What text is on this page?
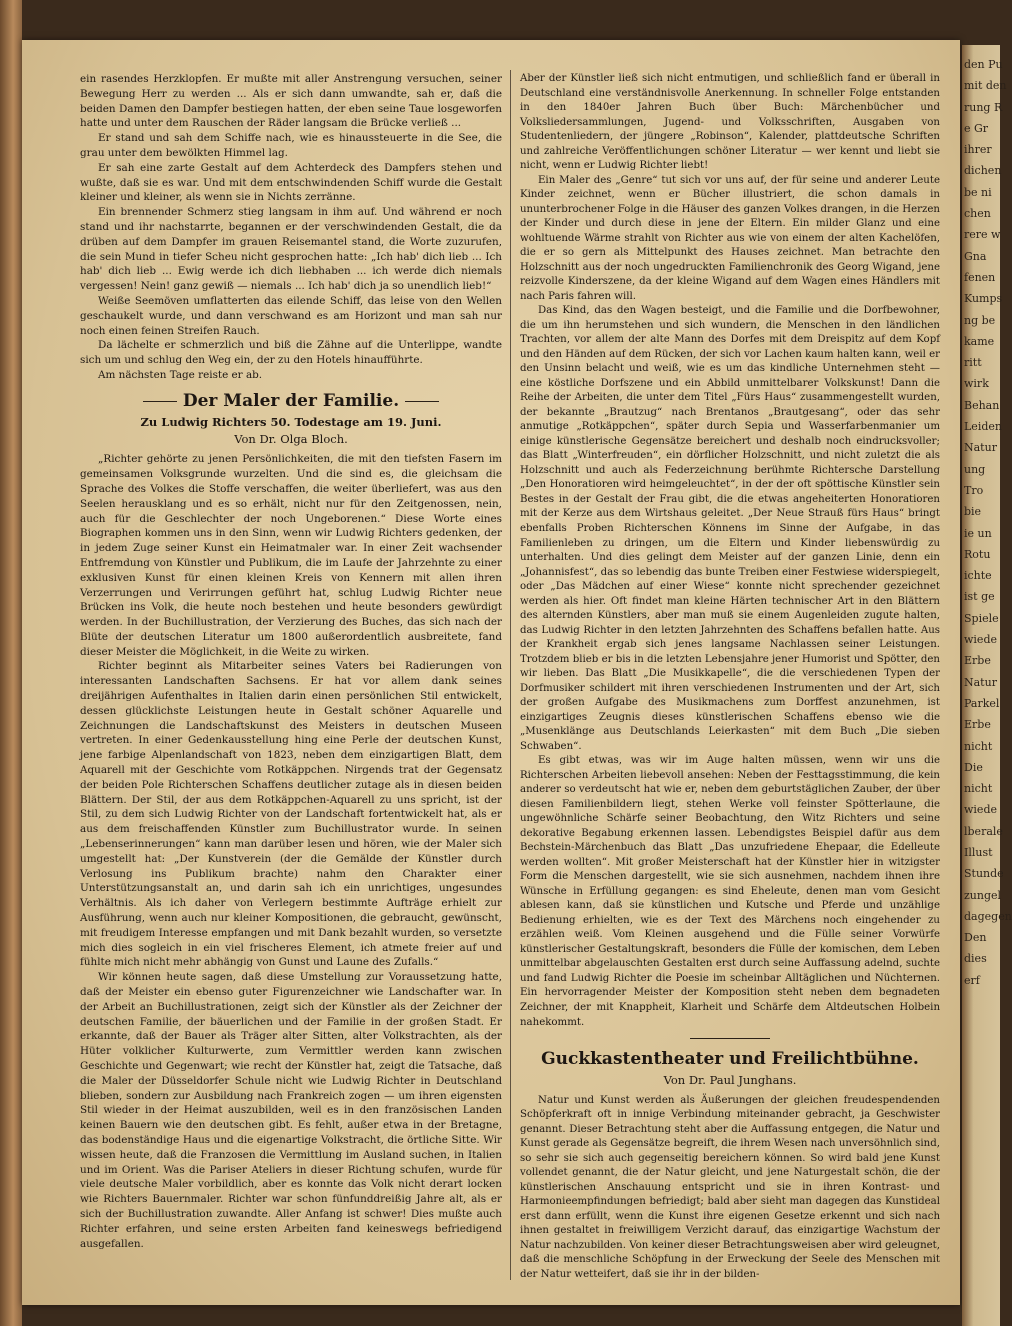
ein rasendes Herzklopfen. Er mußte mit aller Anstrengung versuchen, seiner Bewegung Herr zu werden ... Als er sich dann umwandte, sah er, daß die beiden Damen den Dampfer bestiegen hatten, der eben seine Taue losgeworfen hatte und unter dem Rauschen der Räder langsam die Brücke verließ ...

Er stand und sah dem Schiffe nach, wie es hinaussteuerte in die See, die grau unter dem bewölkten Himmel lag.

Er sah eine zarte Gestalt auf dem Achterdeck des Dampfers stehen und wußte, daß sie es war. Und mit dem entschwindenden Schiff wurde die Gestalt kleiner und kleiner, als wenn sie in Nichts zerränne.

Ein brennender Schmerz stieg langsam in ihm auf. Und während er noch stand und ihr nachstarrte, begannen er der verschwindenden Gestalt, die da drüben auf dem Dampfer im grauen Reisemantel stand, die Worte zuzurufen, die sein Mund in tiefer Scheu nicht gesprochen hatte: „Ich hab' dich lieb ... Ich hab' dich lieb ... Ewig werde ich dich liebhaben ... ich werde dich niemals vergessen! Nein! ganz gewiß — niemals ... Ich hab' dich ja so unendlich lieb!“

Weiße Seemöven umflatterten das eilende Schiff, das leise von den Wellen geschaukelt wurde, und dann verschwand es am Horizont und man sah nur noch einen feinen Streifen Rauch.

Da lächelte er schmerzlich und biß die Zähne auf die Unterlippe, wandte sich um und schlug den Weg ein, der zu den Hotels hinaufführte.

Am nächsten Tage reiste er ab.

Der Maler der Familie.
Zu Ludwig Richters 50. Todestage am 19. Juni.
Von Dr. Olga Bloch.

„Richter gehörte zu jenen Persönlichkeiten, die mit den tiefsten Fasern im gemeinsamen Volksgrunde wurzelten. Und die sind es, die gleichsam die Sprache des Volkes die Stoffe verschaffen, die weiter überliefert, was aus den Seelen herausklang und es so erhält, nicht nur für den Zeitgenossen, nein, auch für die Geschlechter der noch Ungeborenen.“ Diese Worte eines Biographen kommen uns in den Sinn, wenn wir Ludwig Richters gedenken, der in jedem Zuge seiner Kunst ein Heimatmaler war. In einer Zeit wachsender Entfremdung von Künstler und Publikum, die im Laufe der Jahrzehnte zu einer exklusiven Kunst für einen kleinen Kreis von Kennern mit allen ihren Verzerrungen und Verirrungen geführt hat, schlug Ludwig Richter neue Brücken ins Volk, die heute noch bestehen und heute besonders gewürdigt werden. In der Buchillustration, der Verzierung des Buches, das sich nach der Blüte der deutschen Literatur um 1800 außerordentlich ausbreitete, fand dieser Meister die Möglichkeit, in die Weite zu wirken.

Richter beginnt als Mitarbeiter seines Vaters bei Radierungen von interessanten Landschaften Sachsens. Er hat vor allem dank seines dreijährigen Aufenthaltes in Italien darin einen persönlichen Stil entwickelt, dessen glücklichste Leistungen heute in Gestalt schöner Aquarelle und Zeichnungen die Landschaftskunst des Meisters in deutschen Museen vertreten. In einer Gedenkausstellung hing eine Perle der deutschen Kunst, jene farbige Alpenlandschaft von 1823, neben dem einzigartigen Blatt, dem Aquarell mit der Geschichte vom Rotkäppchen. Nirgends trat der Gegensatz der beiden Pole Richterschen Schaffens deutlicher zutage als in diesen beiden Blättern. Der Stil, der aus dem Rotkäppchen-Aquarell zu uns spricht, ist der Stil, zu dem sich Ludwig Richter von der Landschaft fortentwickelt hat, als er aus dem freischaffenden Künstler zum Buchillustrator wurde. In seinen „Lebenserinnerungen“ kann man darüber lesen und hören, wie der Maler sich umgestellt hat: „Der Kunstverein (der die Gemälde der Künstler durch Verlosung ins Publikum brachte) nahm den Charakter einer Unterstützungsanstalt an, und darin sah ich ein unrichtiges, ungesundes Verhältnis. Als ich daher von Verlegern bestimmte Aufträge erhielt zur Ausführung, wenn auch nur kleiner Kompositionen, die gebraucht, gewünscht, mit freudigem Interesse empfangen und mit Dank bezahlt wurden, so versetzte mich dies sogleich in ein viel frischeres Element, ich atmete freier auf und fühlte mich nicht mehr abhängig von Gunst und Laune des Zufalls.“

Wir können heute sagen, daß diese Umstellung zur Voraussetzung hatte, daß der Meister ein ebenso guter Figurenzeichner wie Landschafter war. In der Arbeit an Buchillustrationen, zeigt sich der Künstler als der Zeichner der deutschen Familie, der bäuerlichen und der Familie in der großen Stadt. Er erkannte, daß der Bauer als Träger alter Sitten, alter Volkstrachten, als der Hüter volklicher Kulturwerte, zum Vermittler werden kann zwischen Geschichte und Gegenwart; wie recht der Künstler hat, zeigt die Tatsache, daß die Maler der Düsseldorfer Schule nicht wie Ludwig Richter in Deutschland blieben, sondern zur Ausbildung nach Frankreich zogen — um ihren eigensten Stil wieder in der Heimat auszubilden, weil es in den französischen Landen keinen Bauern wie den deutschen gibt. Es fehlt, außer etwa in der Bretagne, das bodenständige Haus und die eigenartige Volkstracht, die örtliche Sitte. Wir wissen heute, daß die Franzosen die Vermittlung im Ausland suchen, in Italien und im Orient. Was die Pariser Ateliers in dieser Richtung schufen, wurde für viele deutsche Maler vorbildlich, aber es konnte das Volk nicht derart locken wie Richters Bauernmaler. Richter war schon fünfunddreißig Jahre alt, als er sich der Buchillustration zuwandte. Aller Anfang ist schwer! Dies mußte auch Richter erfahren, und seine ersten Arbeiten fand keineswegs befriedigend ausgefallen.

Aber der Künstler ließ sich nicht entmutigen, und schließlich fand er überall in Deutschland eine verständnisvolle Anerkennung. In schneller Folge entstanden in den 1840er Jahren Buch über Buch: Märchenbücher und Volksliedersammlungen, Jugend- und Volksschriften, Ausgaben von Studentenliedern, der jüngere „Robinson“, Kalender, plattdeutsche Schriften und zahlreiche Veröffentlichungen schöner Literatur — wer kennt und liebt sie nicht, wenn er Ludwig Richter liebt!

Ein Maler des „Genre“ tut sich vor uns auf, der für seine und anderer Leute Kinder zeichnet, wenn er Bücher illustriert, die schon damals in ununterbrochener Folge in die Häuser des ganzen Volkes drangen, in die Herzen der Kinder und durch diese in jene der Eltern. Ein milder Glanz und eine wohltuende Wärme strahlt von Richter aus wie von einem der alten Kachelöfen, die er so gern als Mittelpunkt des Hauses zeichnet. Man betrachte den Holzschnitt aus der noch ungedruckten Familienchronik des Georg Wigand, jene reizvolle Kinderszene, da der kleine Wigand auf dem Wagen eines Händlers mit nach Paris fahren will.

Das Kind, das den Wagen besteigt, und die Familie und die Dorfbewohner, die um ihn herumstehen und sich wundern, die Menschen in den ländlichen Trachten, vor allem der alte Mann des Dorfes mit dem Dreispitz auf dem Kopf und den Händen auf dem Rücken, der sich vor Lachen kaum halten kann, weil er den Unsinn belacht und weiß, wie es um das kindliche Unternehmen steht — eine köstliche Dorfszene und ein Abbild unmittelbarer Volkskunst! Dann die Reihe der Arbeiten, die unter dem Titel „Fürs Haus“ zusammengestellt wurden, der bekannte „Brautzug“ nach Brentanos „Brautgesang“, oder das sehr anmutige „Rotkäppchen“, später durch Sepia und Wasserfarbenmanier um einige künstlerische Gegensätze bereichert und deshalb noch eindrucksvoller; das Blatt „Winterfreuden“, ein dörflicher Holzschnitt, und nicht zuletzt die als Holzschnitt und auch als Federzeichnung berühmte Richtersche Darstellung „Den Honoratioren wird heimgeleuchtet“, in der der oft spöttische Künstler sein Bestes in der Gestalt der Frau gibt, die die etwas angeheiterten Honoratioren mit der Kerze aus dem Wirtshaus geleitet. „Der Neue Strauß fürs Haus“ bringt ebenfalls Proben Richterschen Könnens im Sinne der Aufgabe, in das Familienleben zu dringen, um die Eltern und Kinder liebenswürdig zu unterhalten. Und dies gelingt dem Meister auf der ganzen Linie, denn ein „Johannisfest“, das so lebendig das bunte Treiben einer Festwiese widerspiegelt, oder „Das Mädchen auf einer Wiese“ konnte nicht sprechender gezeichnet werden als hier. Oft findet man kleine Härten technischer Art in den Blättern des alternden Künstlers, aber man muß sie einem Augenleiden zugute halten, das Ludwig Richter in den letzten Jahrzehnten des Schaffens befallen hatte. Aus der Krankheit ergab sich jenes langsame Nachlassen seiner Leistungen. Trotzdem blieb er bis in die letzten Lebensjahre jener Humorist und Spötter, den wir lieben. Das Blatt „Die Musikkapelle“, die die verschiedenen Typen der Dorfmusiker schildert mit ihren verschiedenen Instrumenten und der Art, sich der großen Aufgabe des Musikmachens zum Dorffest anzunehmen, ist einzigartiges Zeugnis dieses künstlerischen Schaffens ebenso wie die „Musenklänge aus Deutschlands Leierkasten“ mit dem Buch „Die sieben Schwaben“.

Es gibt etwas, was wir im Auge halten müssen, wenn wir uns die Richterschen Arbeiten liebevoll ansehen: Neben der Festtagsstimmung, die kein anderer so verdeutscht hat wie er, neben dem geburtstäglichen Zauber, der über diesen Familienbildern liegt, stehen Werke voll feinster Spötterlaune, die ungewöhnliche Schärfe seiner Beobachtung, den Witz Richters und seine dekorative Begabung erkennen lassen. Lebendigstes Beispiel dafür aus dem Bechstein-Märchenbuch das Blatt „Das unzufriedene Ehepaar, die Edelleute werden wollten“. Mit großer Meisterschaft hat der Künstler hier in witzigster Form die Menschen dargestellt, wie sie sich ausnehmen, nachdem ihnen ihre Wünsche in Erfüllung gegangen: es sind Eheleute, denen man vom Gesicht ablesen kann, daß sie künstlichen und Kutsche und Pferde und unzählige Bedienung erhielten, wie es der Text des Märchens noch eingehender zu erzählen weiß. Vom Kleinen ausgehend und die Fülle seiner Vorwürfe künstlerischer Gestaltungskraft, besonders die Fülle der komischen, dem Leben unmittelbar abgelauschten Gestalten erst durch seine Auffassung adelnd, suchte und fand Ludwig Richter die Poesie im scheinbar Alltäglichen und Nüchternen. Ein hervorragender Meister der Komposition steht neben dem begnadeten Zeichner, der mit Knappheit, Klarheit und Schärfe dem Altdeutschen Holbein nahekommt.

Guckkastentheater und Freilichtbühne.
Von Dr. Paul Junghans.

Natur und Kunst werden als Äußerungen der gleichen freudespendenden Schöpferkraft oft in innige Verbindung miteinander gebracht, ja Geschwister genannt. Dieser Betrachtung steht aber die Auffassung entgegen, die Natur und Kunst gerade als Gegensätze begreift, die ihrem Wesen nach unversöhnlich sind, so sehr sie sich auch gegenseitig bereichern können. So wird bald jene Kunst vollendet genannt, die der Natur gleicht, und jene Naturgestalt schön, die der künstlerischen Anschauung entspricht und sie in ihren Kontrast- und Harmonieempfindungen befriedigt; bald aber sieht man dagegen das Kunstideal erst dann erfüllt, wenn die Kunst ihre eigenen Gesetze erkennt und sich nach ihnen gestaltet in freiwilligem Verzicht darauf, das einzigartige Wachstum der Natur nachzubilden. Von keiner dieser Betrachtungsweisen aber wird geleugnet, daß die menschliche Schöpfung in der Erweckung der Seele des Menschen mit der Natur wetteifert, daß sie ihr in der bilden-

den Pu
mit den
rung R
e Gr
ihrer
dichen
be ni
chen
rere w
Gna
fenen
Kumps
ng be
kame
ritt
wirk
Behan
Leiden
Natur
ung
Tro
bie
ie un
Rotu
ichte
ist ge
Spiele
wiede
Erbe
Natur
Parkel
Erbe
nicht
Die
nicht
wiede
lberale
Illust
Stunde
zungel
dagegen
Den
dies
erf
